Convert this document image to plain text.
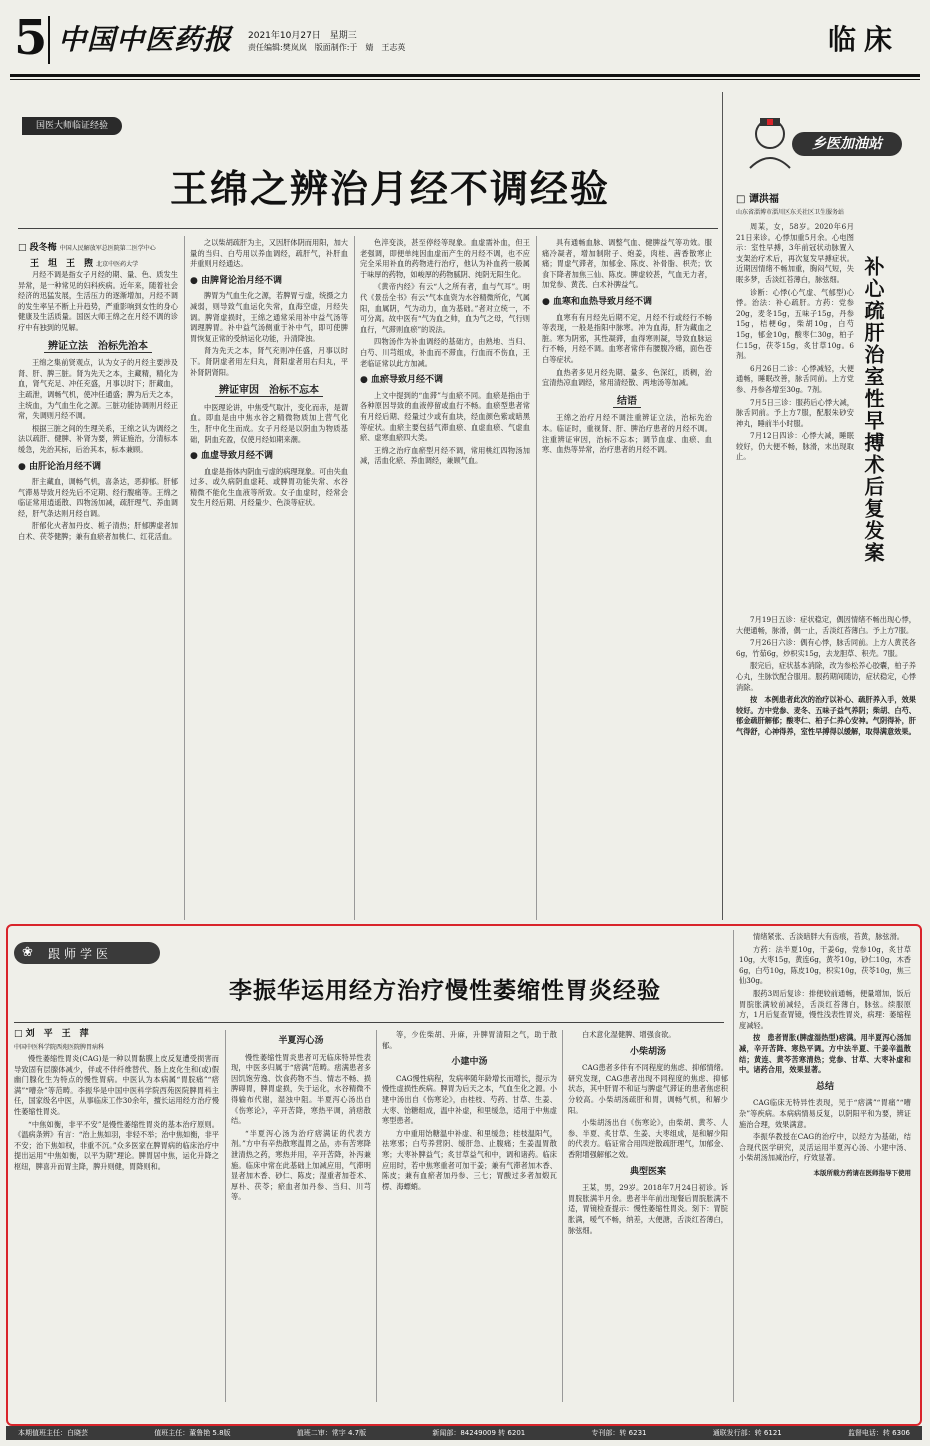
5 中国中医药报 2021年10月27日　星期三
责任编辑:樊岚岚　版面制作:于　婧　王志英	临床
国医大师临证经验
王绵之辨治月经不调经验
□ 段冬梅 中国人民解放军总医院第二医学中心
王　坦　王　煦 北京中医药大学

月经不调是指女子月经的期、量、色、质发生异常，是一种常见的妇科疾病。近年来，随着社会经济的迅猛发展，生活压力的逐渐增加，月经不调的发生率呈不断上升趋势，严重影响到女性的身心健康及生活质量。国医大师王绵之在月经不调的诊疗中有独到的见解。

辨证立法　治标先治本

王绵之集前贤观点，认为女子的月经主要涉及肾、肝、脾三脏。肾为先天之本，主藏精，精化为血，肾气充足、冲任充盛，月事以时下；肝藏血，主疏泄，调畅气机，使冲任通盛；脾为后天之本，主统血，为气血生化之源。三脏功能协调则月经正常，失调则月经不调。

根据三脏之间的生理关系，王绵之认为调经之法以疏肝、健脾、补肾为要，辨证施治，分清标本缓急，先治其标，后治其本，标本兼顾。

● 由肝论治月经不调

肝主藏血，调畅气机，喜条达，恶抑郁。肝郁气滞易导致月经先后不定期、经行腹痛等。王绵之临证常用逍遥散、四物汤加减，疏肝理气、养血调经，肝气条达则月经自调。

肝郁化火者加丹皮、栀子清热；肝郁脾虚者加白术、茯苓健脾；兼有血瘀者加桃仁、红花活血。

之以柴胡疏肝为主，又因肝体阴而用阳，加大量的当归、白芍用以养血调经，疏肝气，补肝血并重则月经通达。

● 由脾肾论治月经不调

脾胃为气血生化之源，若脾胃亏虚，统摄之力减弱，则导致气血运化失常，血海空虚，月经失调。脾肾虚损时，王绵之通常采用补中益气汤等调理脾胃。补中益气汤侧重于补中气，即可使脾胃恢复正常的受纳运化功能，升清降浊。

肾为先天之本，肾气充则冲任盛，月事以时下。肾阴虚者用左归丸，肾阳虚者用右归丸，平补肾阴肾阳。

辨证审因　治标不忘本

中医理论讲，中焦受气取汁，变化而赤，是谓血。即血是由中焦水谷之精微物质加上营气化生，肝中化生而成。女子月经是以阴血为物质基础，阴血充盈，仅使月经如期来潮。

● 血虚导致月经不调

血虚是指体内阴血亏虚的病理现象。可由失血过多、或久病阴血虚耗、或脾胃功能失常、水谷精微不能化生血液等所致。女子血虚时，经常会发生月经后期、月经量少、色淡等症状。

色淬变淡，甚至停经等现象。血虚需补血，但王老强调，即便单纯因血虚而产生的月经不调，也不应完全采用补血的药物进行治疗，他认为补血药一般属于味厚的药物，如峻厚的药物腻阴、纯阴无阳生化。

《黄帝内经》有云“人之所有者，血与气耳”。明代《景岳全书》有云“气本血资为水谷精微所化，气属阳，血属阴，气为动力，血为基础。”者对立统一，不可分离。故中医有“气为血之帅，血为气之母，气行则血行，气滞则血瘀”的说法。

四物汤作为补血调经的基础方，由熟地、当归、白芍、川芎组成，补血而不滞血，行血而不伤血，王老临证常以此方加减。

● 血瘀导致月经不调

上文中提到的“血滞”与血瘀不同。血瘀是指由于各种原因导致的血液停留或血行不畅。血瘀型患者常有月经后期、经量过少或有血块，经血颜色紫或暗黑等症状。血瘀主要包括气滞血瘀、血虚血瘀、气虚血瘀、虚寒血瘀四大类。

王绵之治疗血瘀型月经不调，常用桃红四物汤加减，活血化瘀、养血调经，兼顾气血。

具有通畅血脉、调整气血、健脾益气等功效。服痛冷凝者，增加制附子、炮姜，肉桂、茜香散寒止痛；胃虚气滞者，加郁金、陈皮、补骨脂、枳壳；饮食下降者加焦三仙、陈皮。脾虚较甚，气血无力者，加党参、黄芪、白术补脾益气。

● 血寒和血热导致月经不调

血寒有有月经先后期不定，月经不行或经行不畅等表现，一般是指阳中脉寒。冲为血海，肝为藏血之脏。寒为阴邪，其性凝滞，血得寒则凝，导致血脉运行不畅，月经不调。血寒者常伴有腰腹冷痛，面色苍白等症状。

血热者多见月经先期、量多、色深红，质稠，治宜清热凉血调经，常用清经散、两地汤等加减。

结语

王绵之治疗月经不调注重辨证立法，治标先治本。临证时，重视肾、肝、脾治疗患者的月经不调。注重辨证审因，治标不忘本；调节血虚、血瘀、血寒、血热等异常，治疗患者的月经不调。

乡医加油站
□ 谭洪福
山东省淄博市淄川区东关社区卫生服务站
补心疏肝治室性早搏术后复发案

周某，女，58岁。2020年6月21日来诊。心悸加重5月余。心电图示：室性早搏，3年前冠状动脉置入支架治疗术后，再次复发早搏症状。近期因情绪不畅加重，胸闷气短，失眠多梦，舌淡红苔薄白，脉弦细。

诊断：心悸(心气虚、气郁型)心悸。治法：补心疏肝。方药：党参20g，麦冬15g，五味子15g，丹参15g，桔梗6g，柴胡10g，白芍15g，郁金10g，酸枣仁30g，柏子仁15g，茯苓15g，炙甘草10g。6剂。

6月26日二诊：心悸减轻，大便通畅，睡眠改善，脉舌同前。上方党参、丹参各增至30g。7剂。

7月5日三诊：服药后心悸大减，脉舌同前。予上方7服，配服朱砂安神丸，睡前半小时服。

7月12日四诊：心悸大减，睡眠较好，仍大便不畅，脉滑，末出现取止。

7月19日五诊：症状稳定，偶因情绪不畅出现心悸，大便通畅，脉滑，偶一止，舌淡红苔薄白。予上方7服。

7月26日六诊：偶有心悸，脉舌同前。上方人黄芪各6g，竹茹6g，炒枳实15g，去龙胆草、积壳。7服。

服完后，症状基本消除，改为参松养心胶囊，柏子养心丸，生脉饮配合服用。服药期间随访，症状稳定，心悸消除。

按　本例患者此次的治疗以补心、疏肝养入手，效果较好。方中党参、麦冬、五味子益气养阴；柴胡、白芍、郁金疏肝解郁；酸枣仁、柏子仁养心安神。气阴得补，肝气得舒，心神得养，室性早搏得以缓解，取得满意效果。

❀ 跟师学医
李振华运用经方治疗慢性萎缩性胃炎经验
□ 刘　平　王　萍
中国中医科学院西苑医院脾胃病科

慢性萎缩性胃炎(CAG)是一种以胃黏膜上皮反复遭受损害而导致固有层腺体减少，伴或不伴纤维替代、肠上皮化生和(或)假幽门腺化生为特点的慢性胃病。中医认为本病属“胃脘痛”“痞满”“嘈杂”等范畴。李振华是中国中医科学院西苑医院脾胃科主任，国家级名中医，从事临床工作30余年，擅长运用经方治疗慢性萎缩性胃炎。

“中焦如衡，非平不安”是慢性萎缩性胃炎的基本治疗原则。《温病条辨》有言：“治上焦如羽，非轻不举；治中焦如衡，非平不安；治下焦如权，非重不沉。”众多医家在脾胃病的临床治疗中提出运用“中焦如衡，以平为期”理论。脾胃居中焦，运化升降之枢纽，脾喜升而胃主降，脾升则健，胃降则和。

半夏泻心汤

慢性萎缩性胃炎患者可无临床特异性表现，中医多归属于“痞满”范畴。痞满患者多因饥饱劳逸、饮食药物不当、情志不畅、损脾碍胃，脾胃虚损，失于运化，水谷精微不得输布代谢，湿浊中阻。半夏泻心汤出自《伤寒论》，辛开苦降，寒热平调，消痞散结。

“半夏泻心汤为治疗痞满证的代表方剂。”方中有辛热散寒温胃之品，亦有苦寒降泄清热之药，寒热并用，辛开苦降，补泻兼施。临床中常在此基础上加减应用，气滞明显者加木香、砂仁、陈皮；湿重者加苍术、厚朴、茯苓；瘀血者加丹参、当归、川芎等。

等，少佐柴胡、升麻，升脾胃清阳之气，助于散郁。

小建中汤

CAG慢性病程，发病率随年龄增长而增长，提示为慢性虚损性疾病。脾胃为后天之本，气血生化之源。小建中汤出自《伤寒论》，由桂枝、芍药、甘草、生姜、大枣、饴糖组成，温中补虚，和里缓急，适用于中焦虚寒型患者。

方中重用饴糖温中补虚、和里缓急；桂枝温阳气，祛寒邪；白芍养营阴、缓肝急、止腹痛；生姜温胃散寒；大枣补脾益气；炙甘草益气和中，调和诸药。临床应用时，若中焦寒重者可加干姜；兼有气滞者加木香、陈皮；兼有血瘀者加丹参、三七；胃酸过多者加煅瓦楞、海螵蛸。

白术意化湿健脾、增强食欲。

小柴胡汤

CAG患者多伴有不同程度的焦虑、抑郁情绪。研究发现，CAG患者出现不同程度的焦虑、抑郁状态，其中肝胃不和证与脾虚气滞证的患者焦虑积分较高。小柴胡汤疏肝和胃，调畅气机，和解少阳。

小柴胡汤出自《伤寒论》，由柴胡、黄芩、人参、半夏、炙甘草、生姜、大枣组成，是和解少阳的代表方。临证常合用四逆散疏肝理气，加郁金、香附增强解郁之效。

典型医案

王某，男，29岁。2018年7月24日初诊。诉胃脘胀满半月余。患者半年前出现餐后胃脘胀满不适，胃镜检查提示：慢性萎缩性胃炎。刻下：胃脘胀满，嗳气不畅，纳差，大便溏，舌淡红苔薄白，脉弦细。

情绪紧张、舌淡暗胖大有齿痕，苔黄，脉弦滑。

方药：法半夏10g，干姜6g，党参10g，炙甘草10g，大枣15g，黄连6g，黄芩10g，砂仁10g，木香6g，白芍10g，陈皮10g，枳实10g，茯苓10g，焦三仙30g。

服药3周后复诊：排便较前通畅，便量增加，饭后胃脘胀满较前减轻，舌淡红苔薄白，脉弦。续服原方，1月后复查胃镜，慢性浅表性胃炎，病理：萎缩程度减轻。

按　患者胃胀(脾虚湿热型)痞满。用半夏泻心汤加减，辛开苦降、寒热平调。方中法半夏、干姜辛温散结；黄连、黄芩苦寒清热；党参、甘草、大枣补虚和中。诸药合用，效果显著。

总结

CAG临床无特异性表现，见于“痞满”“胃痛”“嘈杂”等疾病。本病病情易反复，以阴阳平和为要，辨证施治合理，效果满意。

李振华教授在CAG的治疗中，以经方为基础，结合现代医学研究，灵活运用半夏泻心汤、小建中汤、小柴胡汤加减治疗，疗效显著。

本版所载方药请在医师指导下使用
本期值班主任：白晓芸	值班主任：董鲁艳 5.8版	值班二审：常宇 4.7版	新闻部：84249009 转 6201	专刊部：转 6231	通联发行部：转 6121	监督电话：转 6306
